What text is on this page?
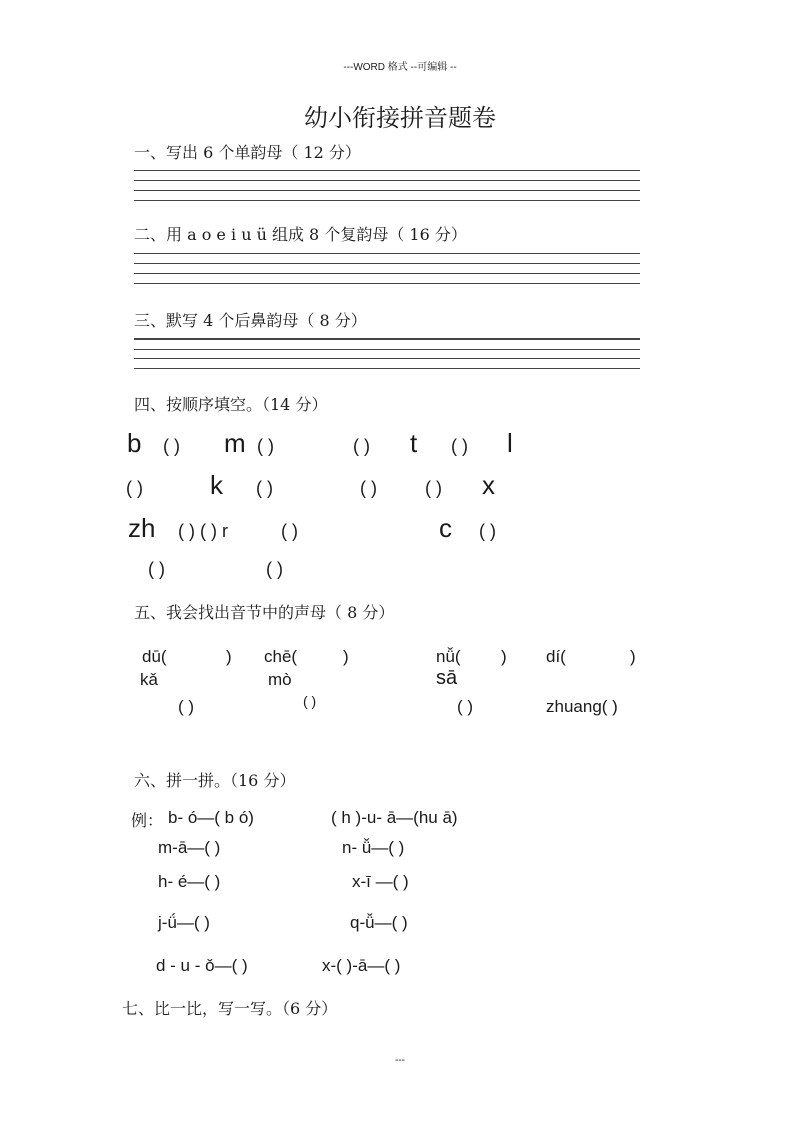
---WORD 格式 --可编辑 --
幼小衔接拼音题卷
一、写出 6 个单韵母（ 12 分）
二、用 a o e i u ü 组成 8 个复韵母（ 16 分）
三、默写 4 个后鼻韵母（ 8 分）
四、按顺序填空。（14 分）
b ( ) m ( )	( ) t ( ) l
( )	k ( )	( )	( ) x
zh ( ) ( ) r	( )	c ( )
( )	( )
五、我会找出音节中的声母（ 8 分）
dū(	) chē(	)	nǚ( ) dí(	)
kǎ	mò	sā
( )	( )	( )	zhuang( )
六、拼一拼。（16 分）
例： b- ó—( b ó)	( h )-u- ā—(hu ā)
m-ā—( )	n- ǚ—( )
h- é—( )	x-ī —( )
j-ǘ—( )	q-ǚ—( )
d - u - ǒ—( )	x-( )-ā—( )
七、比一比，写一写。（6 分）
---
